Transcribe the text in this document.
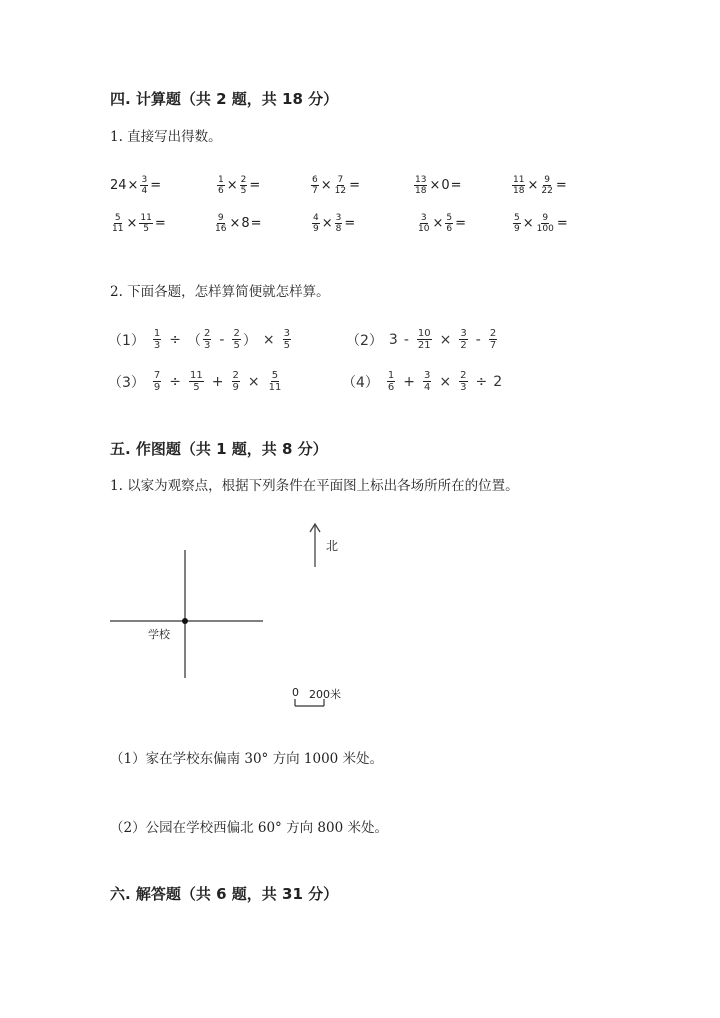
四. 计算题（共 2 题，共 18 分）
1. 直接写出得数。
$24 \times \frac{3}{4}$ =	$\frac{1}{6} \times \frac{2}{5}$ =	$\frac{6}{7} \times \frac{7}{12}$ =	$\frac{13}{18} \times 0$ =	$\frac{11}{18} \times \frac{9}{22}$ =
$\frac{5}{11} \times \frac{11}{5}$ =	$\frac{9}{16} \times 8$ =	$\frac{4}{9} \times \frac{3}{8}$ =	$\frac{3}{10} \times \frac{5}{6}$ =	$\frac{5}{9} \times \frac{9}{100}$ =
2. 下面各题，怎样算简便就怎样算。
$(1) \frac{1}{3}$ ÷ （ $\frac{2}{3} - \frac{2}{5}$ ） × $\frac{3}{5}$	（2） $3 - \frac{10}{21} \times \frac{3}{2} - \frac{2}{7}$
$(3) \frac{7}{9} \div \frac{11}{5} + \frac{2}{9} \times \frac{5}{11}$	$(4) \frac{1}{6} + \frac{3}{4} \times \frac{2}{3} \div 2$
五. 作图题（共 1 题，共 8 分）
1. 以家为观察点，根据下列条件在平面图上标出各场所所在的位置。
北
学校
0 200米
（1）家在学校东偏南 30° 方向 1000 米处。
（2）公园在学校西偏北 60° 方向 800 米处。
六. 解答题（共 6 题，共 31 分）
